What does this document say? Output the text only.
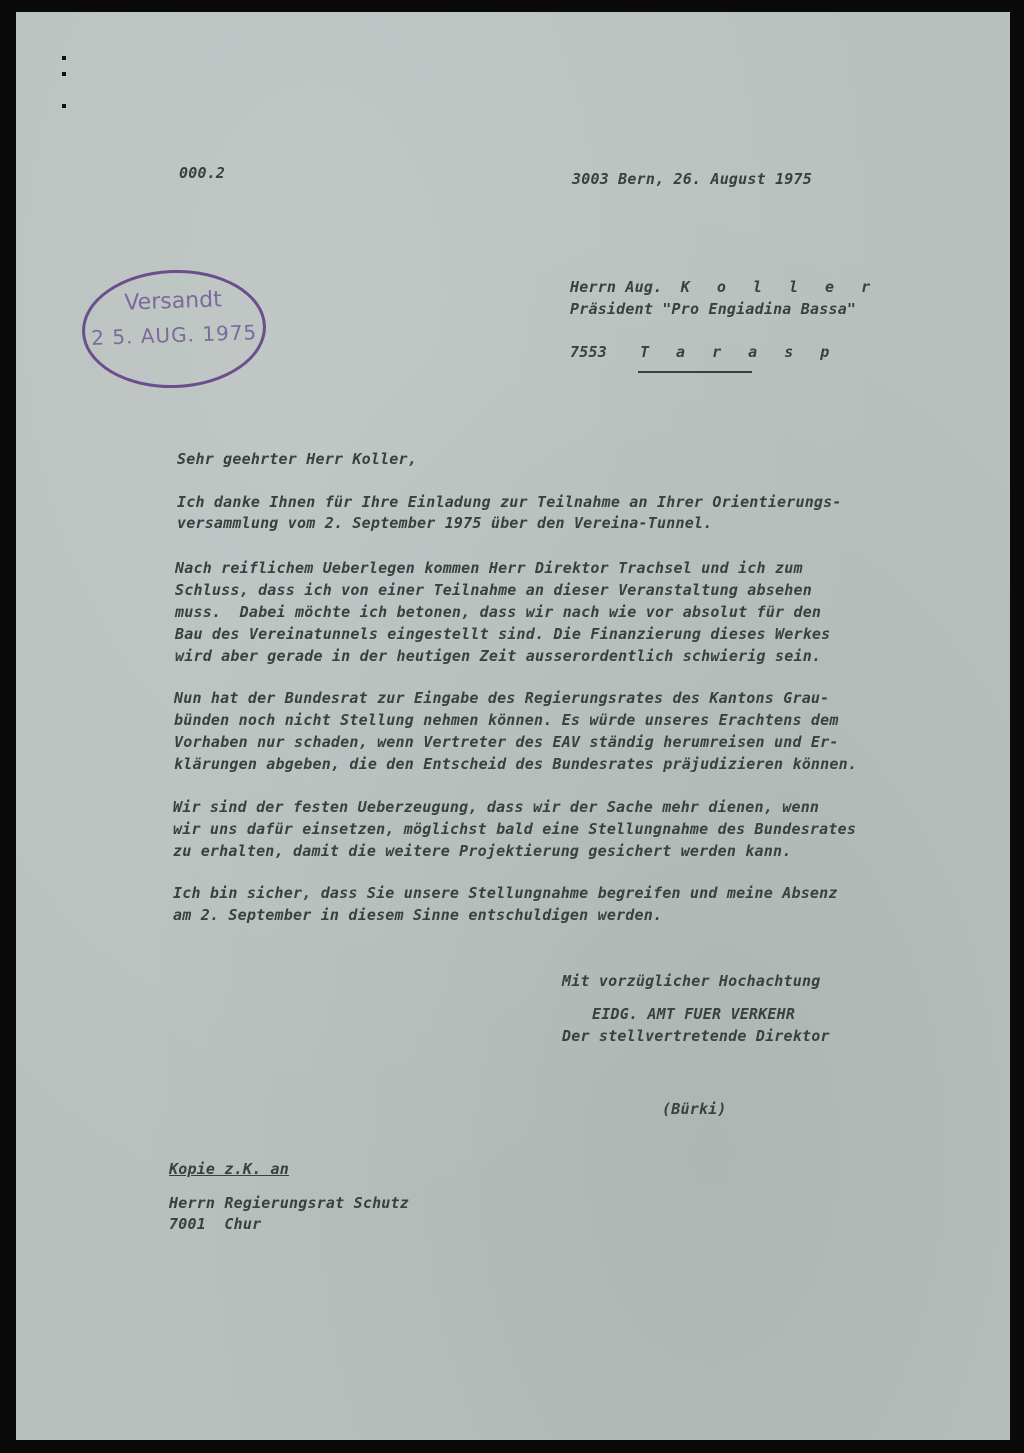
000.2	3003 Bern, 26. August 1975
Versandt
2 5. AUG. 1975
Herrn Aug. K o l l e r
Präsident "Pro Engiadina Bassa"
7553 T a r a s p
Sehr geehrter Herr Koller,
Ich danke Ihnen für Ihre Einladung zur Teilnahme an Ihrer Orientierungs-
versammlung vom 2. September 1975 über den Vereina-Tunnel.
Nach reiflichem Ueberlegen kommen Herr Direktor Trachsel und ich zum
Schluss, dass ich von einer Teilnahme an dieser Veranstaltung absehen
muss.  Dabei möchte ich betonen, dass wir nach wie vor absolut für den
Bau des Vereinatunnels eingestellt sind. Die Finanzierung dieses Werkes
wird aber gerade in der heutigen Zeit ausserordentlich schwierig sein.
Nun hat der Bundesrat zur Eingabe des Regierungsrates des Kantons Grau-
bünden noch nicht Stellung nehmen können. Es würde unseres Erachtens dem
Vorhaben nur schaden, wenn Vertreter des EAV ständig herumreisen und Er-
klärungen abgeben, die den Entscheid des Bundesrates präjudizieren können.
Wir sind der festen Ueberzeugung, dass wir der Sache mehr dienen, wenn
wir uns dafür einsetzen, möglichst bald eine Stellungnahme des Bundesrates
zu erhalten, damit die weitere Projektierung gesichert werden kann.
Ich bin sicher, dass Sie unsere Stellungnahme begreifen und meine Absenz
am 2. September in diesem Sinne entschuldigen werden.
Mit vorzüglicher Hochachtung
EIDG. AMT FUER VERKEHR
Der stellvertretende Direktor
(Bürki)
Kopie z.K. an
Herrn Regierungsrat Schutz
7001  Chur
